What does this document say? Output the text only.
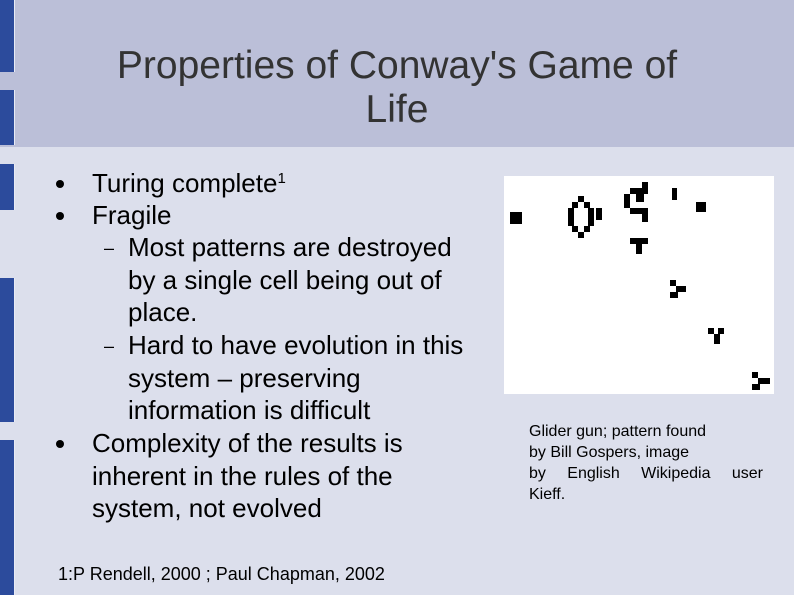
Properties of Conway's Game of
Life
Turing complete$^1$
Fragile
– Most patterns are destroyed
by a single cell being out of
place.
– Hard to have evolution in this
system – preserving
information is difficult
Complexity of the results is
inherent in the rules of the
system, not evolved
Glider gun; pattern found
by Bill Gospers, image
by English Wikipedia user
Kieff.
1:P Rendell, 2000 ; Paul Chapman, 2002
